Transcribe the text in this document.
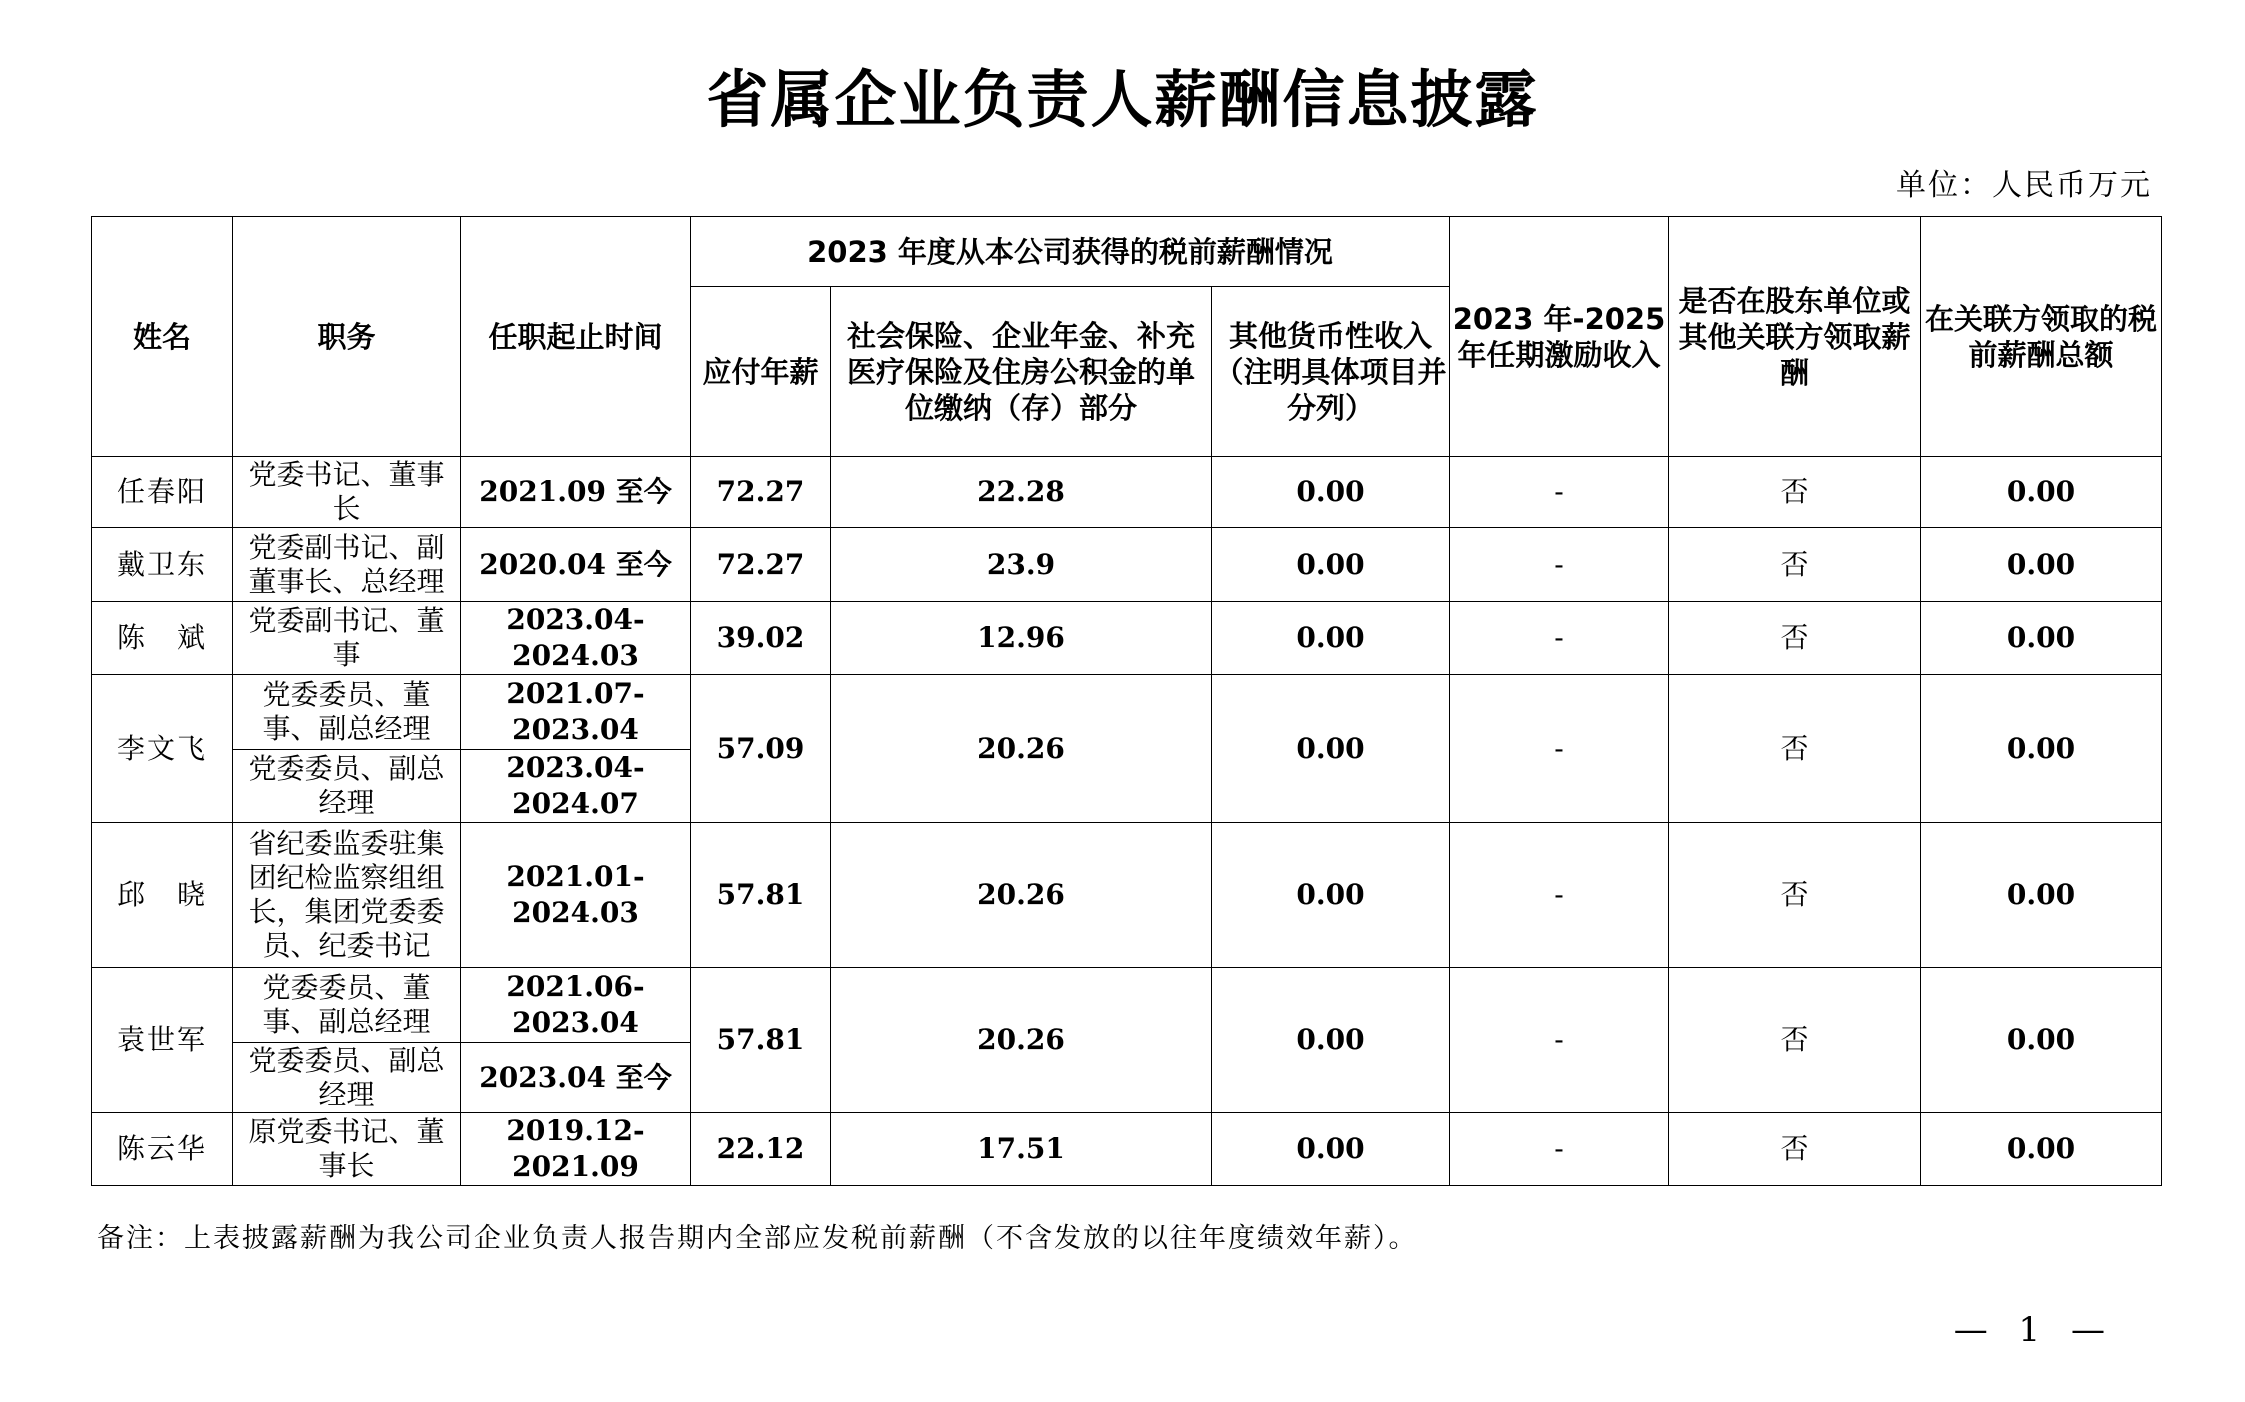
省属企业负责人薪酬信息披露
单位：人民币万元
姓名	职务	任职起止时间	2023 年度从本公司获得的税前薪酬情况			2023 年-2025 年任期激励收入	是否在股东单位或其他关联方领取薪酬	在关联方领取的税前薪酬总额
			应付年薪	社会保险、企业年金、补充医疗保险及住房公积金的单位缴纳（存）部分	其他货币性收入（注明具体项目并分列）			
任春阳	党委书记、董事长	2021.09 至今	72.27	22.28	0.00	-	否	0.00
戴卫东	党委副书记、副董事长、总经理	2020.04 至今	72.27	23.9	0.00	-	否	0.00
陈　斌	党委副书记、董事	2023.04-2024.03	39.02	12.96	0.00	-	否	0.00
李文飞	党委委员、董事、副总经理	2021.07-2023.04	57.09	20.26	0.00	-	否	0.00
	党委委员、副总经理	2023.04-2024.07						
邱　晓	省纪委监委驻集团纪检监察组组长，集团党委委员、纪委书记	2021.01-2024.03	57.81	20.26	0.00	-	否	0.00
袁世军	党委委员、董事、副总经理	2021.06-2023.04	57.81	20.26	0.00	-	否	0.00
	党委委员、副总经理	2023.04 至今						
陈云华	原党委书记、董事长	2019.12-2021.09	22.12	17.51	0.00	-	否	0.00
备注：上表披露薪酬为我公司企业负责人报告期内全部应发税前薪酬（不含发放的以往年度绩效年薪）。
— 1 —
